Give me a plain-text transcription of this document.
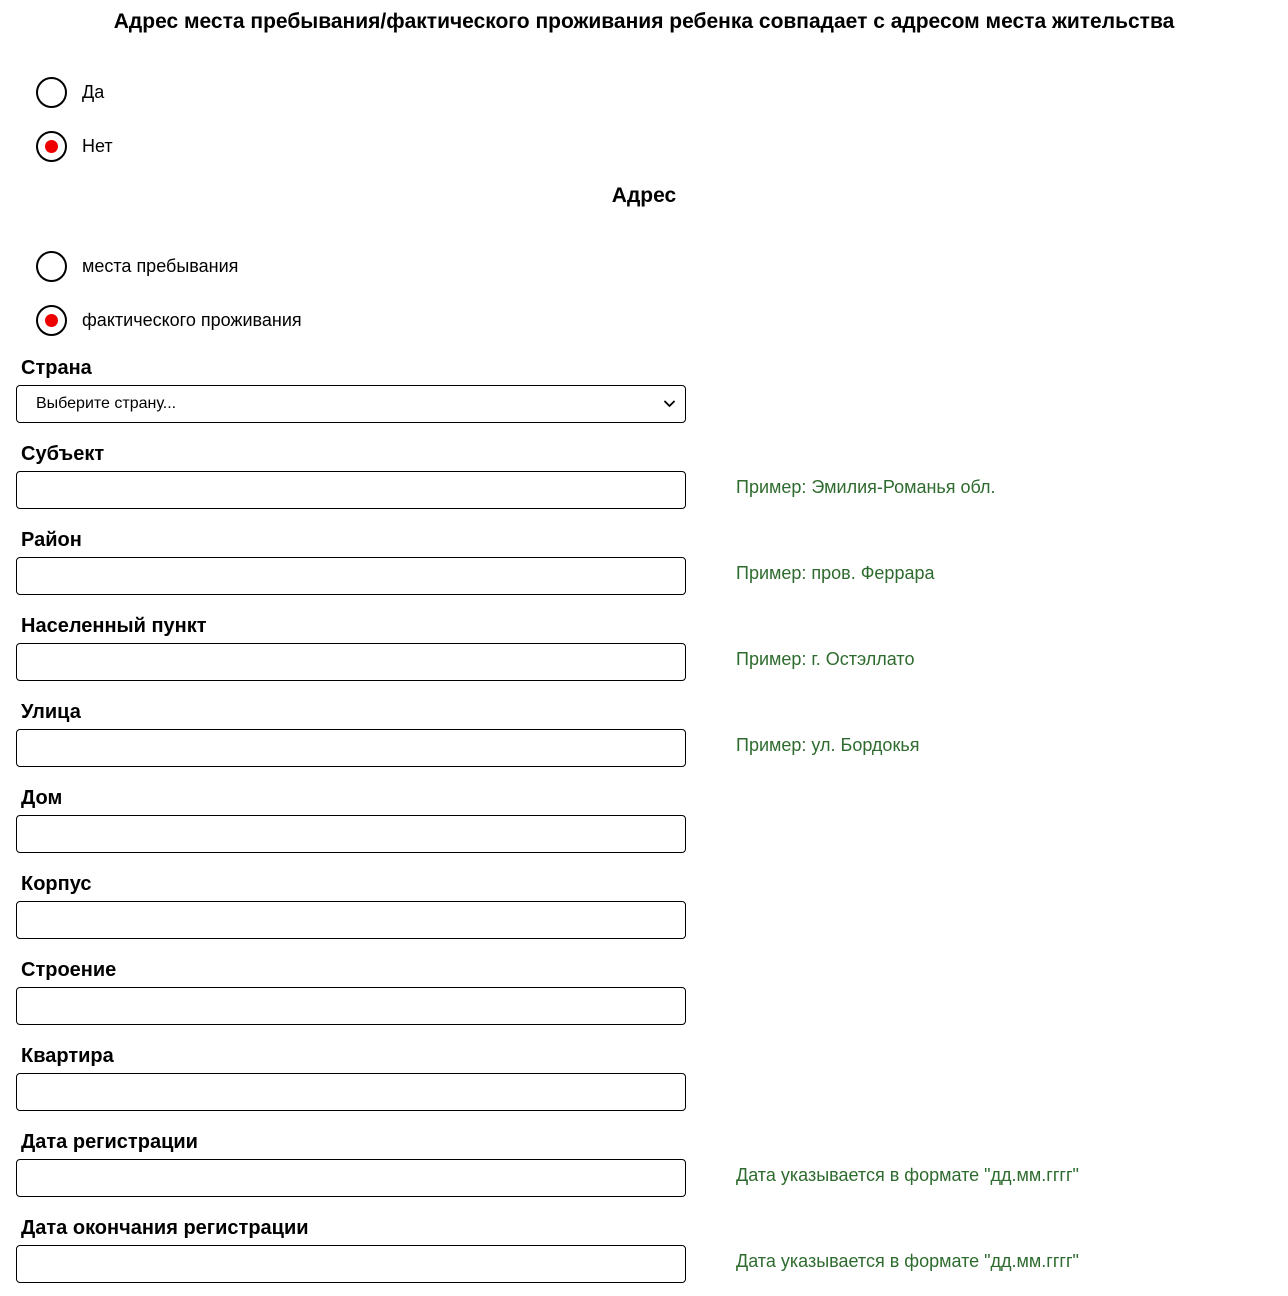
Адрес места пребывания/фактического проживания ребенка совпадает с адресом места жительства
Да
Нет
Адрес
места пребывания
фактического проживания
Страна
Выберите страну...
Субъект
Пример: Эмилия-Романья обл.
Район
Пример: пров. Феррара
Населенный пункт
Пример: г. Остэллато
Улица
Пример: ул. Бордокья
Дом
Корпус
Строение
Квартира
Дата регистрации
Дата указывается в формате "дд.мм.гггг"
Дата окончания регистрации
Дата указывается в формате "дд.мм.гггг"
